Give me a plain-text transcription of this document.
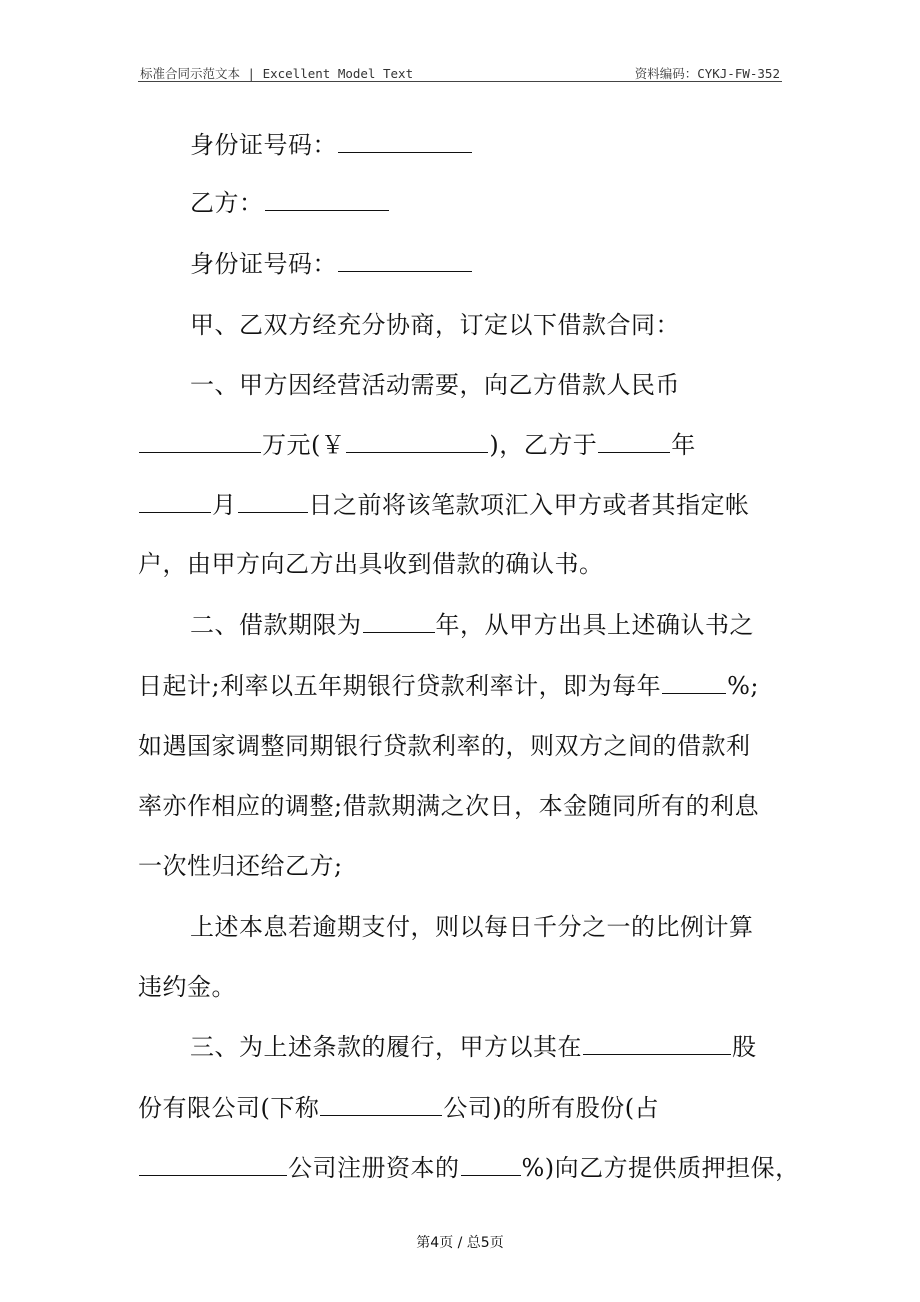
标准合同示范文本 | Excellent Model Text	资料编码：CYKJ-FW-352
身份证号码：
乙方：
身份证号码：
甲、乙双方经充分协商，订定以下借款合同：
一、甲方因经营活动需要，向乙方借款人民币
万元(￥	)，乙方于	年
月	日之前将该笔款项汇入甲方或者其指定帐
户，由甲方向乙方出具收到借款的确认书。
二、借款期限为	年，从甲方出具上述确认书之
日起计;利率以五年期银行贷款利率计，即为每年	%;
如遇国家调整同期银行贷款利率的，则双方之间的借款利
率亦作相应的调整;借款期满之次日，本金随同所有的利息
一次性归还给乙方;
上述本息若逾期支付，则以每日千分之一的比例计算
违约金。
三、为上述条款的履行，甲方以其在	股
份有限公司(下称	公司)的所有股份(占
公司注册资本的	%)向乙方提供质押担保，
第4页 / 总5页
